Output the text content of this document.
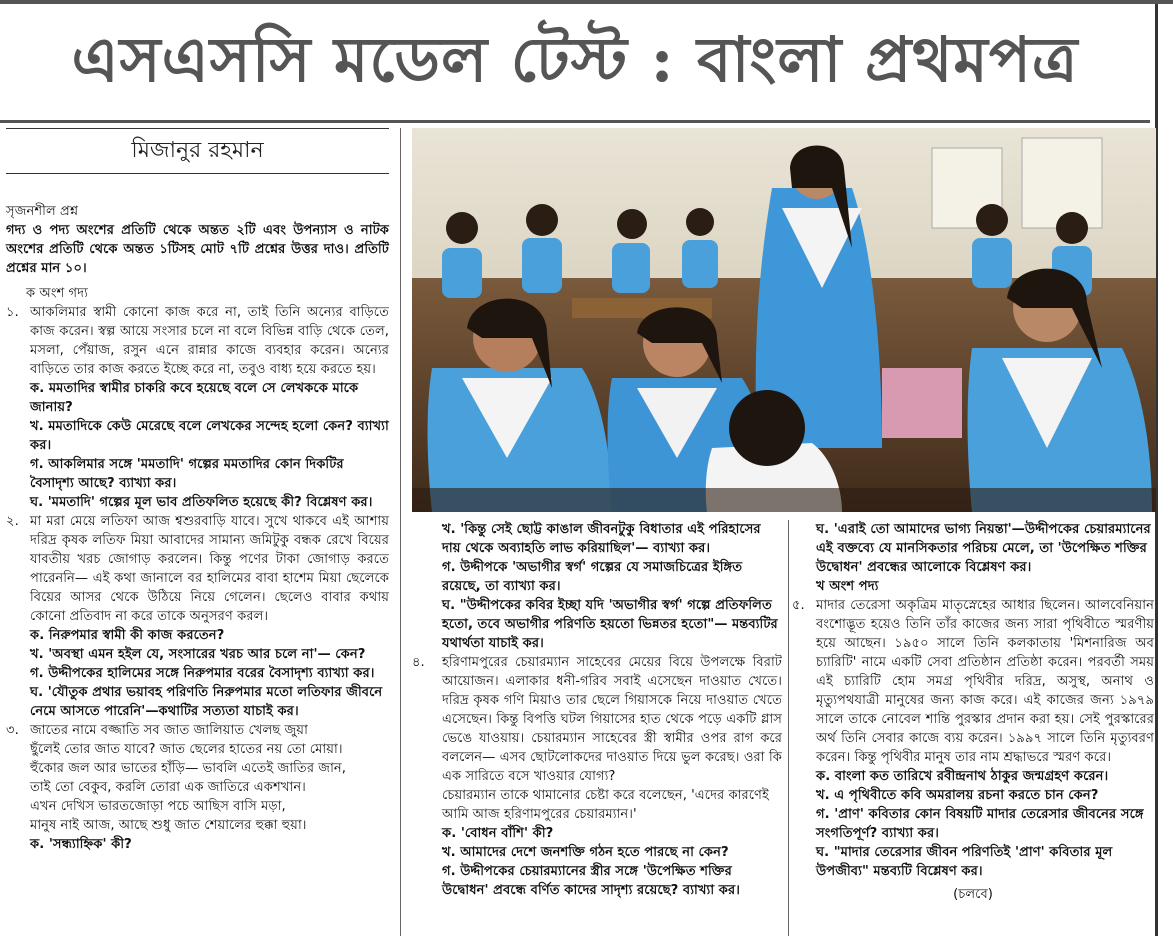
এসএসসি মডেল টেস্ট : বাংলা প্রথমপত্র
মিজানুর রহমান

সৃজনশীল প্রশ্ন

গদ্য ও পদ্য অংশের প্রতিটি থেকে অন্তত ২টি এবং উপন্যাস ও নাটক অংশের প্রতিটি থেকে অন্তত ১টিসহ মোট ৭টি প্রশ্নের উত্তর দাও। প্রতিটি প্রশ্নের মান ১০।

ক অংশ গদ্য

১. আকলিমার স্বামী কোনো কাজ করে না, তাই তিনি অন্যের বাড়িতে কাজ করেন। স্বল্প আয়ে সংসার চলে না বলে বিভিন্ন বাড়ি থেকে তেল, মসলা, পেঁয়াজ, রসুন এনে রান্নার কাজে ব্যবহার করেন। অন্যের বাড়িতে তার কাজ করতে ইচ্ছে করে না, তবুও বাধ্য হয়ে করতে হয়।

ক. মমতাদির স্বামীর চাকরি কবে হয়েছে বলে সে লেখককে মাকে জানায়?

খ. মমতাদিকে কেউ মেরেছে বলে লেখকের সন্দেহ হলো কেন? ব্যাখ্যা কর।

গ. আকলিমার সঙ্গে 'মমতাদি' গল্পের মমতাদির কোন দিকটির বৈসাদৃশ্য আছে? ব্যাখ্যা কর।

ঘ. 'মমতাদি' গল্পের মূল ভাব প্রতিফলিত হয়েছে কী? বিশ্লেষণ কর।

২. মা মরা মেয়ে লতিফা আজ শ্বশুরবাড়ি যাবে। সুখে থাকবে এই আশায় দরিদ্র কৃষক লতিফ মিয়া আবাদের সামান্য জমিটুকু বন্ধক রেখে বিয়ের যাবতীয় খরচ জোগাড় করলেন। কিন্তু পণের টাকা জোগাড় করতে পারেননি— এই কথা জানালে বর হালিমের বাবা হাশেম মিয়া ছেলেকে বিয়ের আসর থেকে উঠিয়ে নিয়ে গেলেন। ছেলেও বাবার কথায় কোনো প্রতিবাদ না করে তাকে অনুসরণ করল।

ক. নিরুপমার স্বামী কী কাজ করতেন?

খ. 'অবস্থা এমন হইল যে, সংসারের খরচ আর চলে না'— কেন?

গ. উদ্দীপকের হালিমের সঙ্গে নিরুপমার বরের বৈসাদৃশ্য ব্যাখ্যা কর।

ঘ. 'যৌতুক প্রথার ভয়াবহ পরিণতি নিরুপমার মতো লতিফার জীবনে নেমে আসতে পারেনি'—কথাটির সত্যতা যাচাই কর।

৩. জাতের নামে বজ্জাতি সব জাত জালিয়াত খেলছ জুয়া

ছুঁলেই তোর জাত যাবে? জাত ছেলের হাতের নয় তো মোয়া।

হুঁকোর জল আর ভাতের হাঁড়ি— ভাবলি এতেই জাতির জান,

তাই তো বেকুব, করলি তোরা এক জাতিরে একশখান।

এখন দেখিস ভারতজোড়া পচে আছিস বাসি মড়া,

মানুষ নাই আজ, আছে শুধু জাত শেয়ালের হুক্কা হুয়া।

ক. 'সন্ধ্যাহ্নিক' কী?

খ. 'কিন্তু সেই ছোট্ট কাঙাল জীবনটুকু বিধাতার এই পরিহাসের দায় থেকে অব্যাহতি লাভ করিয়াছিল'— ব্যাখ্যা কর।

গ. উদ্দীপকে 'অভাগীর স্বর্গ' গল্পের যে সমাজচিত্রের ইঙ্গিত রয়েছে, তা ব্যাখ্যা কর।

ঘ. "উদ্দীপকের কবির ইচ্ছা যদি 'অভাগীর স্বর্গ' গল্পে প্রতিফলিত হতো, তবে অভাগীর পরিণতি হয়তো ভিন্নতর হতো"— মন্তব্যটির যথার্থতা যাচাই কর।

৪.	হরিণামপুরের চেয়ারম্যান সাহেবের মেয়ের বিয়ে উপলক্ষে বিরাট আয়োজন। এলাকার ধনী-গরিব সবাই এসেছেন দাওয়াত খেতে। দরিদ্র কৃষক গণি মিয়াও তার ছেলে গিয়াসকে নিয়ে দাওয়াত খেতে এসেছেন। কিন্তু বিপত্তি ঘটল গিয়াসের হাত থেকে পড়ে একটি গ্লাস ভেঙে যাওয়ায়। চেয়ারম্যান সাহেবের স্ত্রী স্বামীর ওপর রাগ করে বললেন— এসব ছোটলোকদের দাওয়াত দিয়ে ভুল করেছ। ওরা কি এক সারিতে বসে খাওয়ার যোগ্য?

চেয়ারম্যান তাকে থামানোর চেষ্টা করে বলেছেন, 'এদের কারণেই আমি আজ হরিণামপুরের চেয়ারম্যান।'

ক. 'বোধন বাঁশি' কী?

খ. আমাদের দেশে জনশক্তি গঠন হতে পারছে না কেন?

গ. উদ্দীপকের চেয়ারম্যানের স্ত্রীর সঙ্গে 'উপেক্ষিত শক্তির উদ্বোধন' প্রবন্ধে বর্ণিত কাদের সাদৃশ্য রয়েছে? ব্যাখ্যা কর।

ঘ. 'এরাই তো আমাদের ভাগ্য নিয়ন্তা'—উদ্দীপকের চেয়ারম্যানের এই বক্তব্যে যে মানসিকতার পরিচয় মেলে, তা 'উপেক্ষিত শক্তির উদ্বোধন' প্রবন্ধের আলোকে বিশ্লেষণ কর।

খ অংশ পদ্য

৫. মাদার তেরেসা অকৃত্রিম মাতৃস্নেহের আধার ছিলেন। আলবেনিয়ান বংশোদ্ভূত হয়েও তিনি তাঁর কাজের জন্য সারা পৃথিবীতে স্মরণীয় হয়ে আছেন। ১৯৫০ সালে তিনি কলকাতায় 'মিশনারিজ অব চ্যারিটি' নামে একটি সেবা প্রতিষ্ঠান প্রতিষ্ঠা করেন। পরবর্তী সময় এই চ্যারিটি হোম সমগ্র পৃথিবীর দরিদ্র, অসুস্থ, অনাথ ও মৃত্যুপথযাত্রী মানুষের জন্য কাজ করে। এই কাজের জন্য ১৯৭৯ সালে তাকে নোবেল শান্তি পুরস্কার প্রদান করা হয়। সেই পুরস্কারের অর্থ তিনি সেবার কাজে ব্যয় করেন। ১৯৯৭ সালে তিনি মৃত্যুবরণ করেন। কিন্তু পৃথিবীর মানুষ তার নাম শ্রদ্ধাভরে স্মরণ করে।

ক. বাংলা কত তারিখে রবীন্দ্রনাথ ঠাকুর জন্মগ্রহণ করেন।

খ. এ পৃথিবীতে কবি অমরালয় রচনা করতে চান কেন?

গ. 'প্রাণ' কবিতার কোন বিষয়টি মাদার তেরেসার জীবনের সঙ্গে সংগতিপূর্ণ? ব্যাখ্যা কর।

ঘ. "মাদার তেরেসার জীবন পরিণতিই 'প্রাণ' কবিতার মূল উপজীব্য" মন্তব্যটি বিশ্লেষণ কর।

(চলবে)
